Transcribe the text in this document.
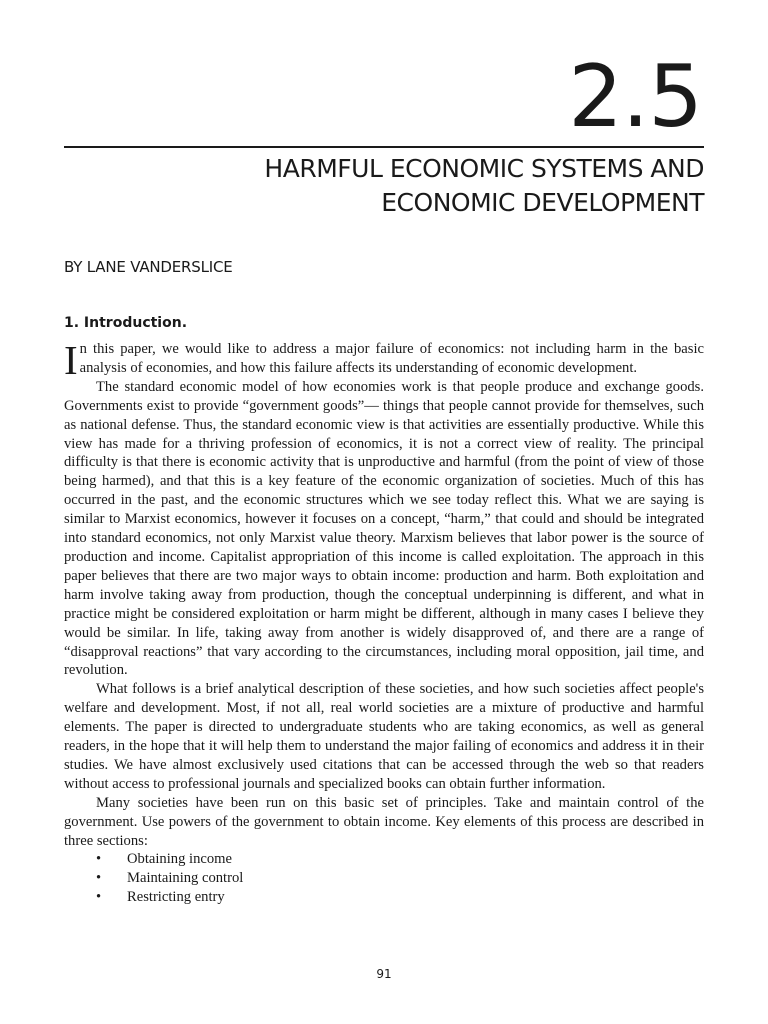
2.5
HARMFUL ECONOMIC SYSTEMS AND
ECONOMIC DEVELOPMENT
BY LANE VANDERSLICE
1. Introduction.

In this paper, we would like to address a major failure of economics: not including harm in the basic analysis of economies, and how this failure affects its understanding of economic development.

The standard economic model of how economies work is that people produce and exchange goods. Governments exist to provide “government goods”— things that people cannot provide for themselves, such as national defense. Thus, the standard economic view is that activities are essentially productive. While this view has made for a thriving profession of economics, it is not a correct view of reality. The principal difficulty is that there is economic activity that is unproductive and harmful (from the point of view of those being harmed), and that this is a key feature of the economic organization of societies. Much of this has occurred in the past, and the economic structures which we see today reflect this. What we are saying is similar to Marxist economics, however it focuses on a concept, “harm,” that could and should be integrated into standard economics, not only Marxist value theory. Marxism believes that labor power is the source of production and income. Capitalist appropriation of this income is called exploitation. The approach in this paper believes that there are two major ways to obtain income: production and harm. Both exploitation and harm involve taking away from production, though the conceptual underpinning is different, and what in practice might be considered exploitation or harm might be different, although in many cases I believe they would be similar. In life, taking away from another is widely disapproved of, and there are a range of “disapproval reactions” that vary according to the circumstances, including moral opposition, jail time, and revolution.

What follows is a brief analytical description of these societies, and how such societies affect people's welfare and development. Most, if not all, real world societies are a mixture of productive and harmful elements. The paper is directed to undergraduate students who are taking economics, as well as general readers, in the hope that it will help them to understand the major failing of economics and address it in their studies. We have almost exclusively used citations that can be accessed through the web so that readers without access to professional journals and specialized books can obtain further information.

Many societies have been run on this basic set of principles. Take and maintain control of the government. Use powers of the government to obtain income. Key elements of this process are described in three sections:

• Obtaining income
• Maintaining control
• Restricting entry
91
